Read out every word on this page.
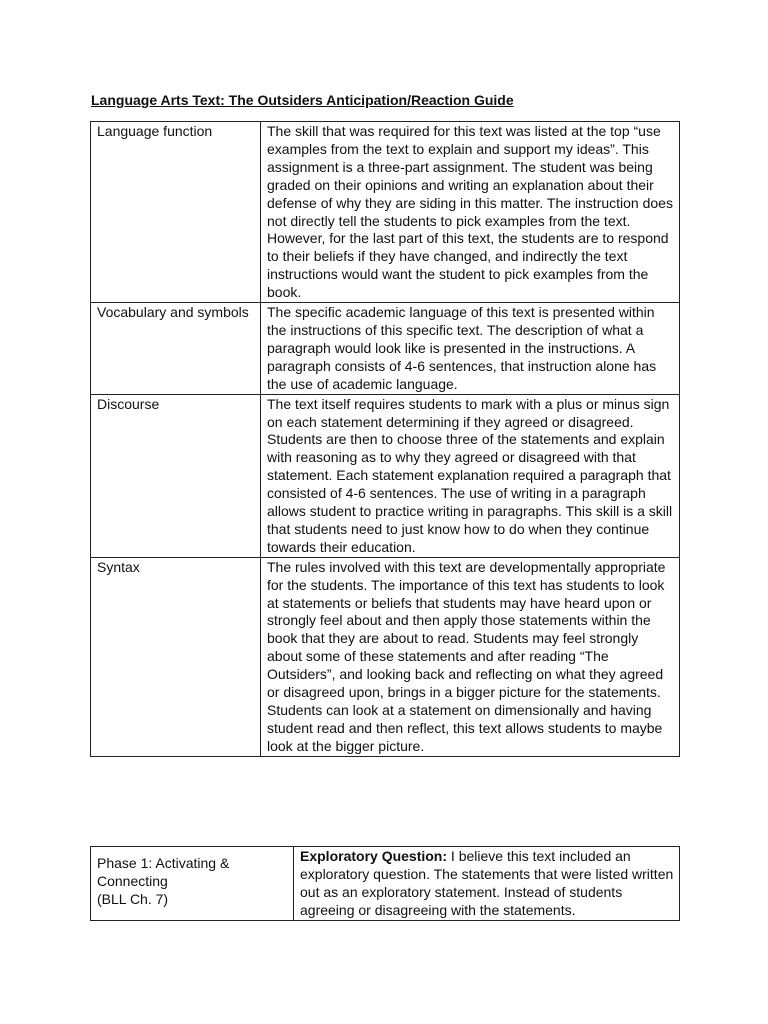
Language Arts Text: The Outsiders Anticipation/Reaction Guide
Language function	The skill that was required for this text was listed at the top “use examples from the text to explain and support my ideas”. This assignment is a three-part assignment. The student was being graded on their opinions and writing an explanation about their defense of why they are siding in this matter. The instruction does not directly tell the students to pick examples from the text. However, for the last part of this text, the students are to respond to their beliefs if they have changed, and indirectly the text instructions would want the student to pick examples from the book.
Vocabulary and symbols	The specific academic language of this text is presented within the instructions of this specific text. The description of what a paragraph would look like is presented in the instructions. A paragraph consists of 4-6 sentences, that instruction alone has the use of academic language.
Discourse	The text itself requires students to mark with a plus or minus sign on each statement determining if they agreed or disagreed. Students are then to choose three of the statements and explain with reasoning as to why they agreed or disagreed with that statement. Each statement explanation required a paragraph that consisted of 4-6 sentences. The use of writing in a paragraph allows student to practice writing in paragraphs. This skill is a skill that students need to just know how to do when they continue towards their education.
Syntax	The rules involved with this text are developmentally appropriate for the students. The importance of this text has students to look at statements or beliefs that students may have heard upon or strongly feel about and then apply those statements within the book that they are about to read. Students may feel strongly about some of these statements and after reading “The Outsiders”, and looking back and reflecting on what they agreed or disagreed upon, brings in a bigger picture for the statements. Students can look at a statement on dimensionally and having student read and then reflect, this text allows students to maybe look at the bigger picture.
Phase 1: Activating &
Connecting
(BLL Ch. 7)
	Exploratory Question: I believe this text included an exploratory question. The statements that were listed written out as an exploratory statement. Instead of students agreeing or disagreeing with the statements.
